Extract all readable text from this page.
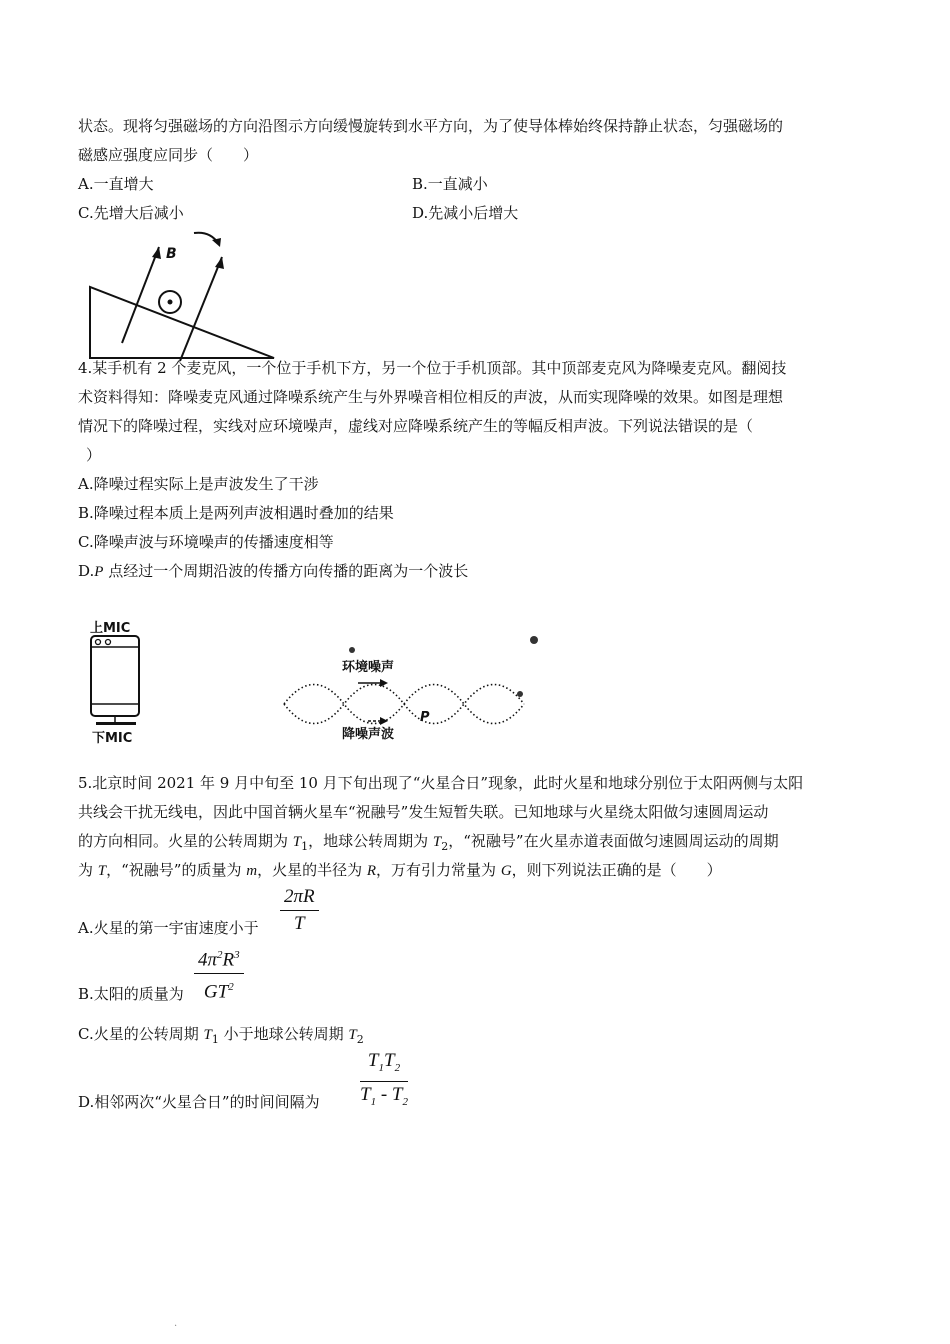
状态。现将匀强磁场的方向沿图示方向缓慢旋转到水平方向，为了使导体棒始终保持静止状态，匀强磁场的
磁感应强度应同步（　　）
A.一直增大	B.一直减小
C.先增大后减小	D.先减小后增大
B
4.某手机有 2 个麦克风，一个位于手机下方，另一个位于手机顶部。其中顶部麦克风为降噪麦克风。翻阅技
术资料得知：降噪麦克风通过降噪系统产生与外界噪音相位相反的声波，从而实现降噪的效果。如图是理想
情况下的降噪过程，实线对应环境噪声，虚线对应降噪系统产生的等幅反相声波。下列说法错误的是（
）
A.降噪过程实际上是声波发生了干涉
B.降噪过程本质上是两列声波相遇时叠加的结果
C.降噪声波与环境噪声的传播速度相等
D.P 点经过一个周期沿波的传播方向传播的距离为一个波长
上MIC
下MIC
环境噪声
P
降噪声波
5.北京时间 2021 年 9 月中旬至 10 月下旬出现了“火星合日”现象，此时火星和地球分别位于太阳两侧与太阳
共线会干扰无线电，因此中国首辆火星车“祝融号”发生短暂失联。已知地球与火星绕太阳做匀速圆周运动
的方向相同。火星的公转周期为 $T_1$，地球公转周期为 $T_2$，“祝融号”在火星赤道表面做匀速圆周运动的周期
为 T，“祝融号”的质量为 m，火星的半径为 R，万有引力常量为 G，则下列说法正确的是（　　）
A.火星的第一宇宙速度小于 $\frac{2\pi R}{T}$
B.太阳的质量为 $\frac{4\pi^2R^3}{GT^2}$
C.火星的公转周期 $T_1$ 小于地球公转周期 $T_2$
D.相邻两次“火星合日”的时间间隔为 $\frac{T_1T_2}{T_1 - T_2}$
.
